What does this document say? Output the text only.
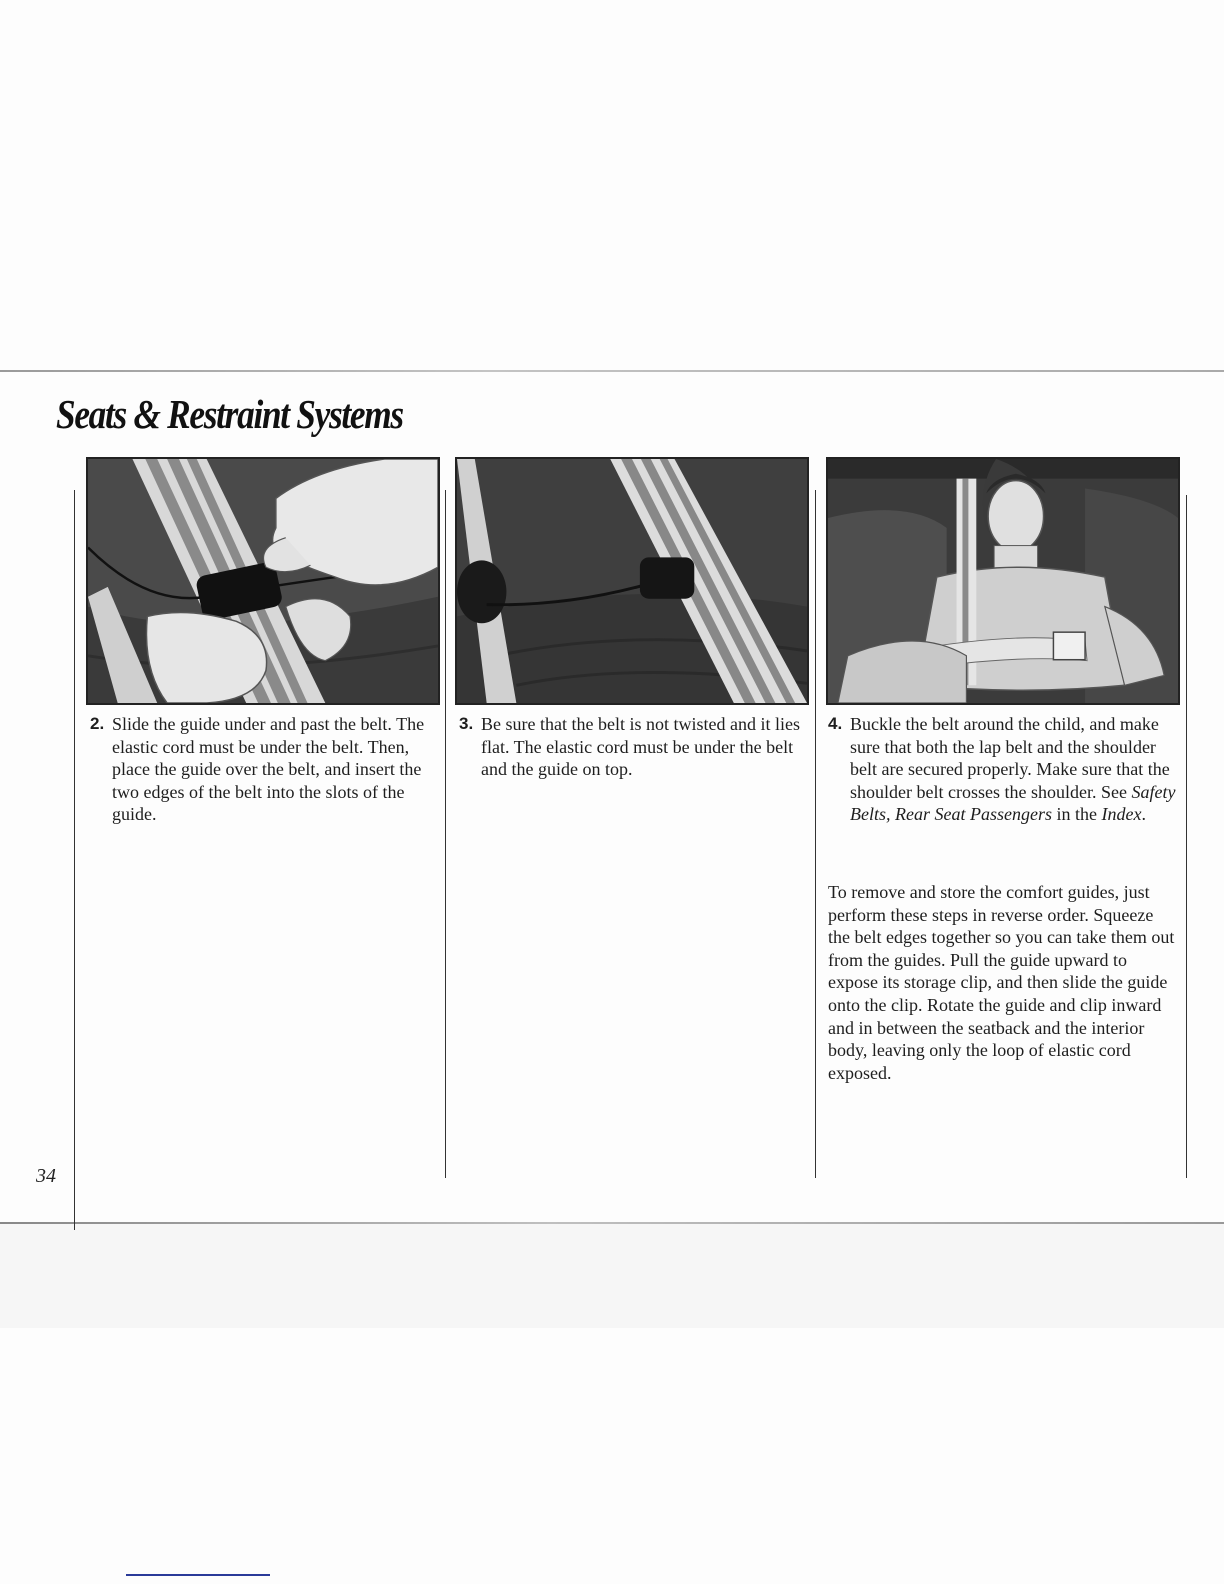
Seats & Restraint Systems

2. Slide the guide under and past the belt. The elastic cord must be under the belt. Then, place the guide over the belt, and insert the two edges of the belt into the slots of the guide.

3. Be sure that the belt is not twisted and it lies flat. The elastic cord must be under the belt and the guide on top.

4. Buckle the belt around the child, and make sure that both the lap belt and the shoulder belt are secured properly. Make sure that the shoulder belt crosses the shoulder. See Safety Belts, Rear Seat Passengers in the Index.

To remove and store the comfort guides, just perform these steps in reverse order. Squeeze the belt edges together so you can take them out from the guides. Pull the guide upward to expose its storage clip, and then slide the guide onto the clip. Rotate the guide and clip inward and in between the seatback and the interior body, leaving only the loop of elastic cord exposed.

34
